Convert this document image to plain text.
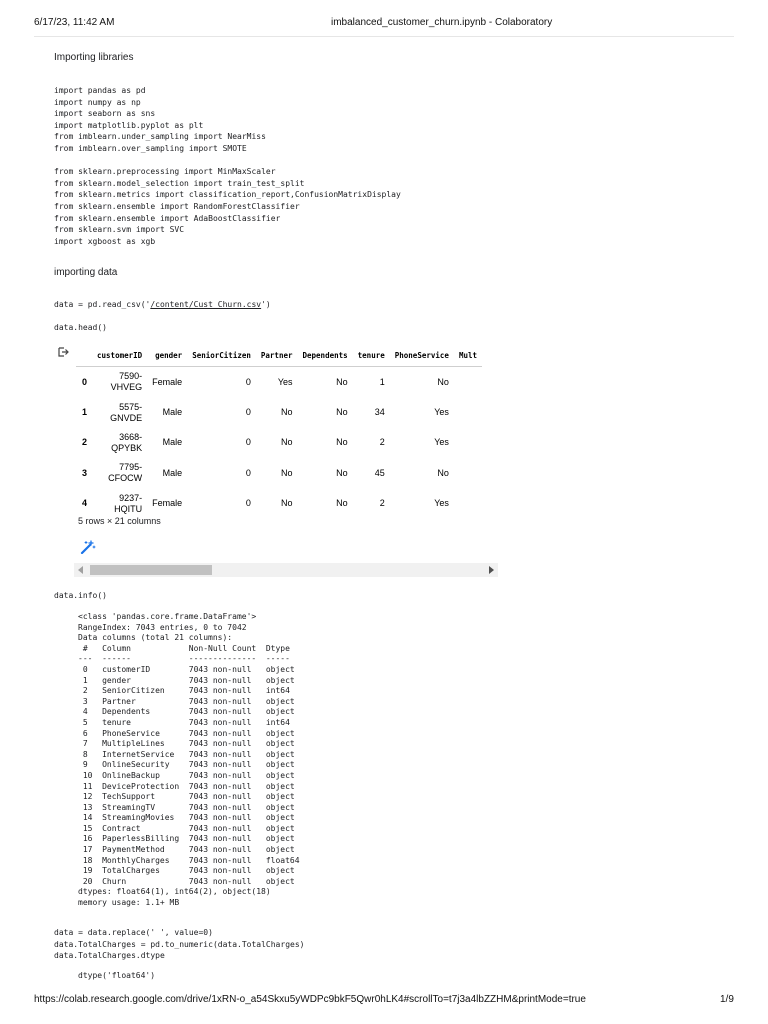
6/17/23, 11:42 AM	imbalanced_customer_churn.ipynb - Colaboratory
Importing libraries
import pandas as pd
import numpy as np
import seaborn as sns
import matplotlib.pyplot as plt
from imblearn.under_sampling import NearMiss
from imblearn.over_sampling import SMOTE

from sklearn.preprocessing import MinMaxScaler
from sklearn.model_selection import train_test_split
from sklearn.metrics import classification_report,ConfusionMatrixDisplay
from sklearn.ensemble import RandomForestClassifier
from sklearn.ensemble import AdaBoostClassifier
from sklearn.svm import SVC
import xgboost as xgb
importing data
data = pd.read_csv('/content/Cust_Churn.csv')
data.head()
	customerID	gender	SeniorCitizen	Partner	Dependents	tenure	PhoneService	Mult
0	7590-
VHVEG	Female	0	Yes	No	1	No	
1	5575-
GNVDE	Male	0	No	No	34	Yes	
2	3668-
QPYBK	Male	0	No	No	2	Yes	
3	7795-
CFOCW	Male	0	No	No	45	No	
4	9237-
HQITU	Female	0	No	No	2	Yes	
5 rows × 21 columns
data.info()
<class 'pandas.core.frame.DataFrame'>
RangeIndex: 7043 entries, 0 to 7042
Data columns (total 21 columns):
#   Column            Non-Null Count  Dtype
---  ------            --------------  -----
0   customerID        7043 non-null   object
1   gender            7043 non-null   object
2   SeniorCitizen     7043 non-null   int64
3   Partner           7043 non-null   object
4   Dependents        7043 non-null   object
5   tenure            7043 non-null   int64
6   PhoneService      7043 non-null   object
7   MultipleLines     7043 non-null   object
8   InternetService   7043 non-null   object
9   OnlineSecurity    7043 non-null   object
10  OnlineBackup      7043 non-null   object
11  DeviceProtection  7043 non-null   object
12  TechSupport       7043 non-null   object
13  StreamingTV       7043 non-null   object
14  StreamingMovies   7043 non-null   object
15  Contract          7043 non-null   object
16  PaperlessBilling  7043 non-null   object
17  PaymentMethod     7043 non-null   object
18  MonthlyCharges    7043 non-null   float64
19  TotalCharges      7043 non-null   object
20  Churn             7043 non-null   object
dtypes: float64(1), int64(2), object(18)
memory usage: 1.1+ MB
data = data.replace(' ', value=0)
data.TotalCharges = pd.to_numeric(data.TotalCharges)
data.TotalCharges.dtype
dtype('float64')
https://colab.research.google.com/drive/1xRN-o_a54Skxu5yWDPc9bkF5Qwr0hLK4#scrollTo=t7j3a4lbZZHM&printMode=true	1/9
